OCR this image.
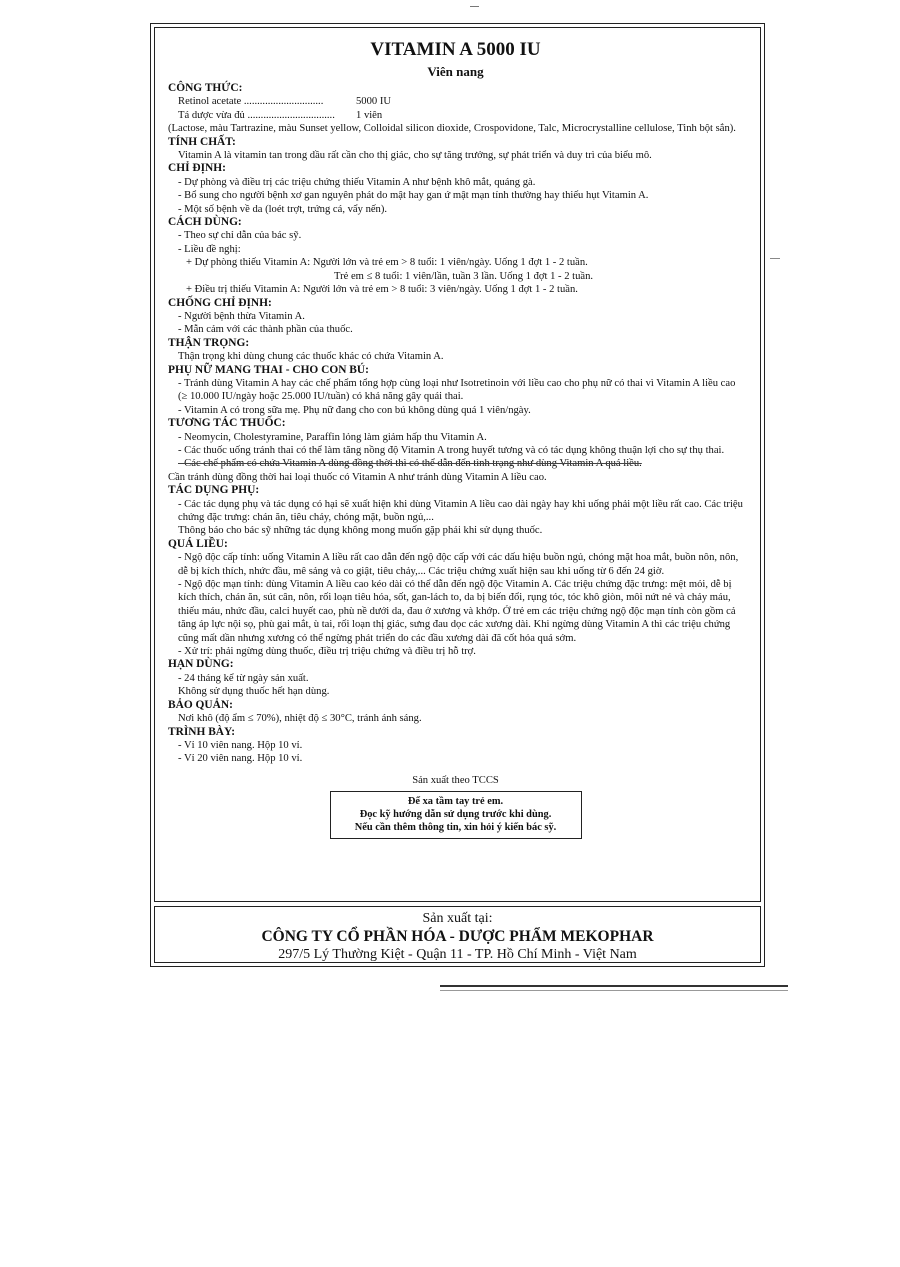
VITAMIN A 5000 IU
Viên nang
CÔNG THỨC:
Retinol acetate ..............................	5000 IU
Tá dược vừa đủ .................................	1 viên
(Lactose, màu Tartrazine, màu Sunset yellow, Colloidal silicon dioxide, Crospovidone, Talc, Microcrystalline cellulose, Tinh bột sắn).
TÍNH CHẤT:
Vitamin A là vitamin tan trong dầu rất cần cho thị giác, cho sự tăng trưởng, sự phát triển và duy trì của biểu mô.
CHỈ ĐỊNH:
- Dự phòng và điều trị các triệu chứng thiếu Vitamin A như bệnh khô mắt, quáng gà.
- Bổ sung cho người bệnh xơ gan nguyên phát do mật hay gan ứ mật mạn tính thường hay thiếu hụt Vitamin A.
- Một số bệnh về da (loét trợt, trứng cá, vẩy nến).
CÁCH DÙNG:
- Theo sự chỉ dẫn của bác sỹ.
- Liều đề nghị:
+ Dự phòng thiếu Vitamin A: Người lớn và trẻ em > 8 tuổi: 1 viên/ngày. Uống 1 đợt 1 - 2 tuần.
Trẻ em ≤ 8 tuổi: 1 viên/lần, tuần 3 lần. Uống 1 đợt 1 - 2 tuần.
+ Điều trị thiếu Vitamin A: Người lớn và trẻ em > 8 tuổi: 3 viên/ngày. Uống 1 đợt 1 - 2 tuần.
CHỐNG CHỈ ĐỊNH:
- Người bệnh thừa Vitamin A.
- Mẫn cảm với các thành phần của thuốc.
THẬN TRỌNG:
Thận trọng khi dùng chung các thuốc khác có chứa Vitamin A.
PHỤ NỮ MANG THAI - CHO CON BÚ:
- Tránh dùng Vitamin A hay các chế phẩm tổng hợp cùng loại như Isotretinoin với liều cao cho phụ nữ có thai vì Vitamin A liều cao (≥ 10.000 IU/ngày hoặc 25.000 IU/tuần) có khả năng gây quái thai.
- Vitamin A có trong sữa mẹ. Phụ nữ đang cho con bú không dùng quá 1 viên/ngày.
TƯƠNG TÁC THUỐC:
- Neomycin, Cholestyramine, Paraffin lỏng làm giảm hấp thu Vitamin A.
- Các thuốc uống tránh thai có thể làm tăng nồng độ Vitamin A trong huyết tương và có tác dụng không thuận lợi cho sự thụ thai.
- Các chế phẩm có chứa Vitamin A dùng đồng thời thì có thể dẫn đến tình trạng như dùng Vitamin A quá liều.
Cần tránh dùng đồng thời hai loại thuốc có Vitamin A như tránh dùng Vitamin A liều cao.
TÁC DỤNG PHỤ:
- Các tác dụng phụ và tác dụng có hại sẽ xuất hiện khi dùng Vitamin A liều cao dài ngày hay khi uống phải một liều rất cao. Các triệu chứng đặc trưng: chán ăn, tiêu chảy, chóng mặt, buồn ngủ,...
Thông báo cho bác sỹ những tác dụng không mong muốn gặp phải khi sử dụng thuốc.
QUÁ LIỀU:
- Ngộ độc cấp tính: uống Vitamin A liều rất cao dẫn đến ngộ độc cấp với các dấu hiệu buồn ngủ, chóng mặt hoa mắt, buồn nôn, nôn, dễ bị kích thích, nhức đầu, mê sảng và co giật, tiêu chảy,... Các triệu chứng xuất hiện sau khi uống từ 6 đến 24 giờ.
- Ngộ độc mạn tính: dùng Vitamin A liều cao kéo dài có thể dẫn đến ngộ độc Vitamin A. Các triệu chứng đặc trưng: mệt mỏi, dễ bị kích thích, chán ăn, sút cân, nôn, rối loạn tiêu hóa, sốt, gan-lách to, da bị biến đổi, rụng tóc, tóc khô giòn, môi nứt nẻ và chảy máu, thiếu máu, nhức đầu, calci huyết cao, phù nề dưới da, đau ở xương và khớp. Ở trẻ em các triệu chứng ngộ độc mạn tính còn gồm cả tăng áp lực nội sọ, phù gai mắt, ù tai, rối loạn thị giác, sưng đau dọc các xương dài. Khi ngừng dùng Vitamin A thì các triệu chứng cũng mất dần nhưng xương có thể ngừng phát triển do các đầu xương dài đã cốt hóa quá sớm.
- Xử trí: phải ngừng dùng thuốc, điều trị triệu chứng và điều trị hỗ trợ.
HẠN DÙNG:
- 24 tháng kể từ ngày sản xuất.
Không sử dụng thuốc hết hạn dùng.
BẢO QUẢN:
Nơi khô (độ ẩm ≤ 70%), nhiệt độ ≤ 30°C, tránh ánh sáng.
TRÌNH BÀY:
- Vỉ 10 viên nang. Hộp 10 vỉ.
- Vỉ 20 viên nang. Hộp 10 vỉ.
Sản xuất theo TCCS
Để xa tầm tay trẻ em.
Đọc kỹ hướng dẫn sử dụng trước khi dùng.
Nếu cần thêm thông tin, xin hỏi ý kiến bác sỹ.
Sản xuất tại:
CÔNG TY CỔ PHẦN HÓA - DƯỢC PHẨM MEKOPHAR
297/5 Lý Thường Kiệt - Quận 11 - TP. Hồ Chí Minh - Việt Nam
